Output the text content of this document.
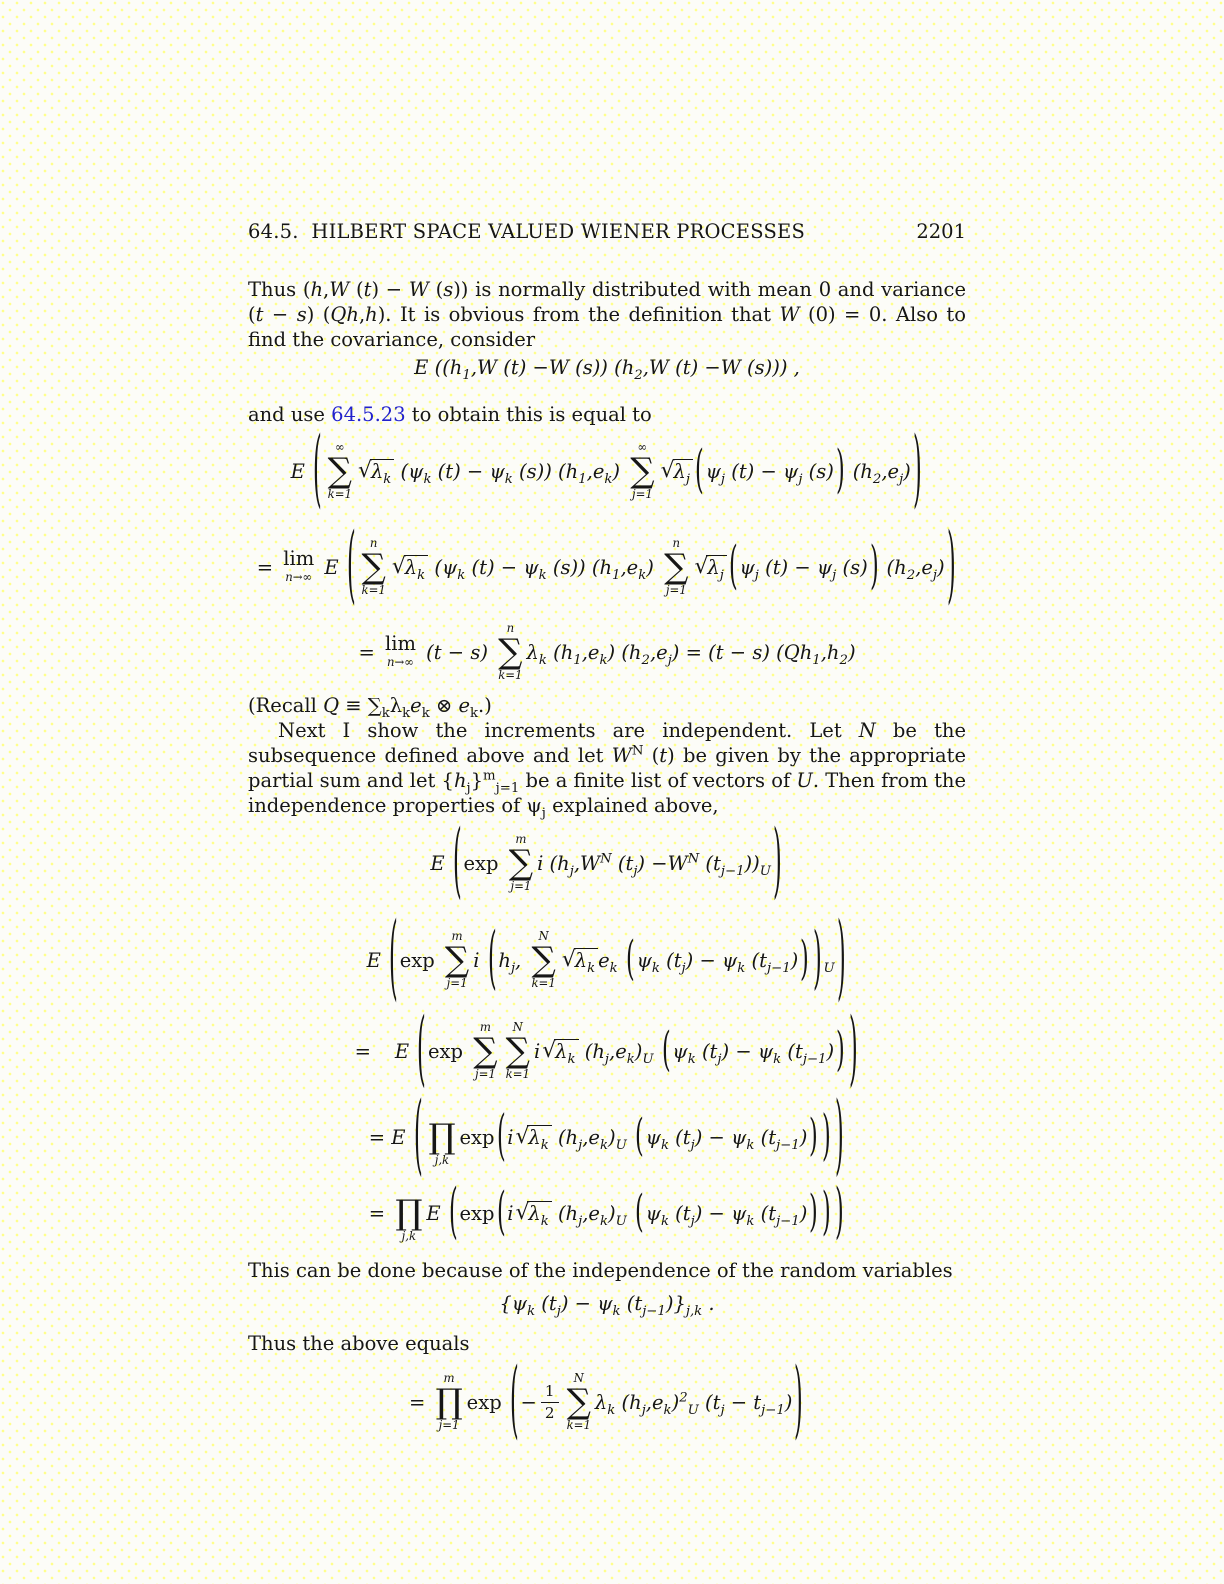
64.5.  HILBERT SPACE VALUED WIENER PROCESSES	2201

Thus (h,W (t) − W (s)) is normally distributed with mean 0 and variance (t − s) (Qh,h). It is obvious from the definition that W (0) = 0. Also to find the covariance, consider

E (($h_1,W$ (t) −W (s)) ($h_2,W$ (t) −W (s))) ,

and use 64.5.23 to obtain this is equal to

E ( ∞
∑
k=1
√ $\lambda_k$ ($\psi_k$ $(t) - \psi_k$ (s)) $(h_1,e_k)$
∞
∑
j=1
√ $\lambda_j$ ( $\psi_j$ $(t) - \psi_j$ (s) ) $(h_2,e_j)$ )
= lim
n→∞ E ( n
∑
k=1
√ $\lambda_k$ ($\psi_k$ $(t) - \psi_k$ (s)) $(h_1,e_k)$
n
∑
j=1
√ $\lambda_j$ ( $\psi_j$ $(t) - \psi_j$ (s) ) $(h_2,e_j)$ )
= lim
n→∞ (t − s)
n
∑
k=1
$\lambda_k$ $(h_1,e_k) (h_2,e_j) = (t - s)$ $(Qh_1,h_2)$

(Recall $Q \equiv \sum_k\lambda_ke_k$ ⊗ $e_k$.)

Next I show the increments are independent. Let N be the subsequence defined above and let $W^N$ (t) be given by the appropriate partial sum and let $\{h_j\}^m_{j=1}$ be a finite list of vectors of U. Then from the independence properties of $\psi_j$ explained above,

E ( exp
m
∑
j=1
i ($h_j,W^N$ $(t_j) -W^N$ $(t_{j-1}))_U$ )
E ( exp
m
∑
j=1
i ( $h_j$,
N
∑
k=1
√ $\lambda_k$ $e_k$ ( $\psi_k$ $(t_j) - \psi_k$ $(t_{j-1})$ ) ) $_U$ )
= E ( exp
m
∑
j=1
N
∑
k=1
i √ $\lambda_k$ $(h_j,e_k)_U$ ( $\psi_k$ $(t_j) - \psi_k$ $(t_{j-1})$ ) )
= E (
∏
j,k
exp ( i √ $\lambda_k$ $(h_j,e_k)_U$ ( $\psi_k$ $(t_j) - \psi_k$ $(t_{j-1})$ ) ) )
=
∏
j,k
E ( exp ( i √ $\lambda_k$ $(h_j,e_k)_U$ ( $\psi_k$ $(t_j) - \psi_k$ $(t_{j-1})$ ) ) )

This can be done because of the independence of the random variables

{$\psi_k$ $(t_j) - \psi_k$ $(t_{j-1})\}_{j,k}$ .

Thus the above equals

=
m
∏
j=1
exp ( − $\frac{1}{2}$
N
∑
k=1
$\lambda_k$ $(h_j,e_k)^2_U$ $(t_j - t_{j-1})$ )
